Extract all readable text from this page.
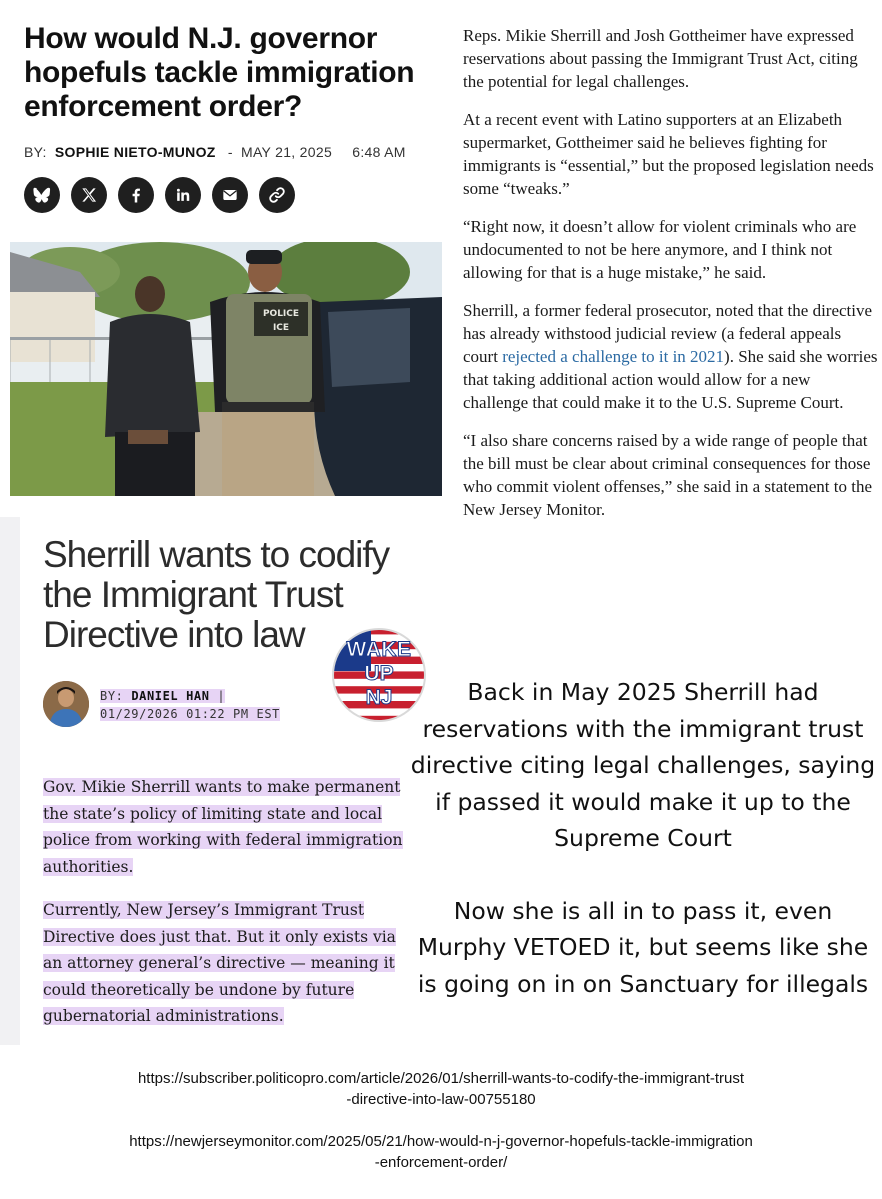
How would N.J. governor hopefuls tackle immigration enforcement order?
BY: SOPHIE NIETO-MUNOZ - MAY 21, 2025 6:48 AM
POLICE
ICE

Reps. Mikie Sherrill and Josh Gottheimer have expressed reservations about passing the Immigrant Trust Act, citing the potential for legal challenges.

At a recent event with Latino supporters at an Elizabeth supermarket, Gottheimer said he believes fighting for immigrants is “essential,” but the proposed legislation needs some “tweaks.”

“Right now, it doesn’t allow for violent criminals who are undocumented to not be here anymore, and I think not allowing for that is a huge mistake,” he said.

Sherrill, a former federal prosecutor, noted that the directive has already withstood judicial review (a federal appeals court rejected a challenge to it in 2021). She said she worries that taking additional action would allow for a new challenge that could make it to the U.S. Supreme Court.

“I also share concerns raised by a wide range of people that the bill must be clear about criminal consequences for those who commit violent offenses,” she said in a statement to the New Jersey Monitor.

Sherrill wants to codify the Immigrant Trust Directive into law
BY: DANIEL HAN |
01/29/2026 01:22 PM EST

Gov. Mikie Sherrill wants to make permanent the state’s policy of limiting state and local police from working with federal immigration authorities.

Currently, New Jersey’s Immigrant Trust Directive does just that. But it only exists via an attorney general’s directive — meaning it could theoretically be undone by future gubernatorial administrations.

WAKE
UP
NJ	Back in May 2025 Sherrill had reservations with the immigrant trust directive citing legal challenges, saying if passed it would make it up to the Supreme Court

Now she is all in to pass it, even Murphy VETOED it, but seems like she is going on in on Sanctuary for illegals

https://subscriber.politicopro.com/article/2026/01/sherrill-wants-to-codify-the-immigrant-trust
-directive-into-law-00755180
https://newjerseymonitor.com/2025/05/21/how-would-n-j-governor-hopefuls-tackle-immigration
-enforcement-order/
